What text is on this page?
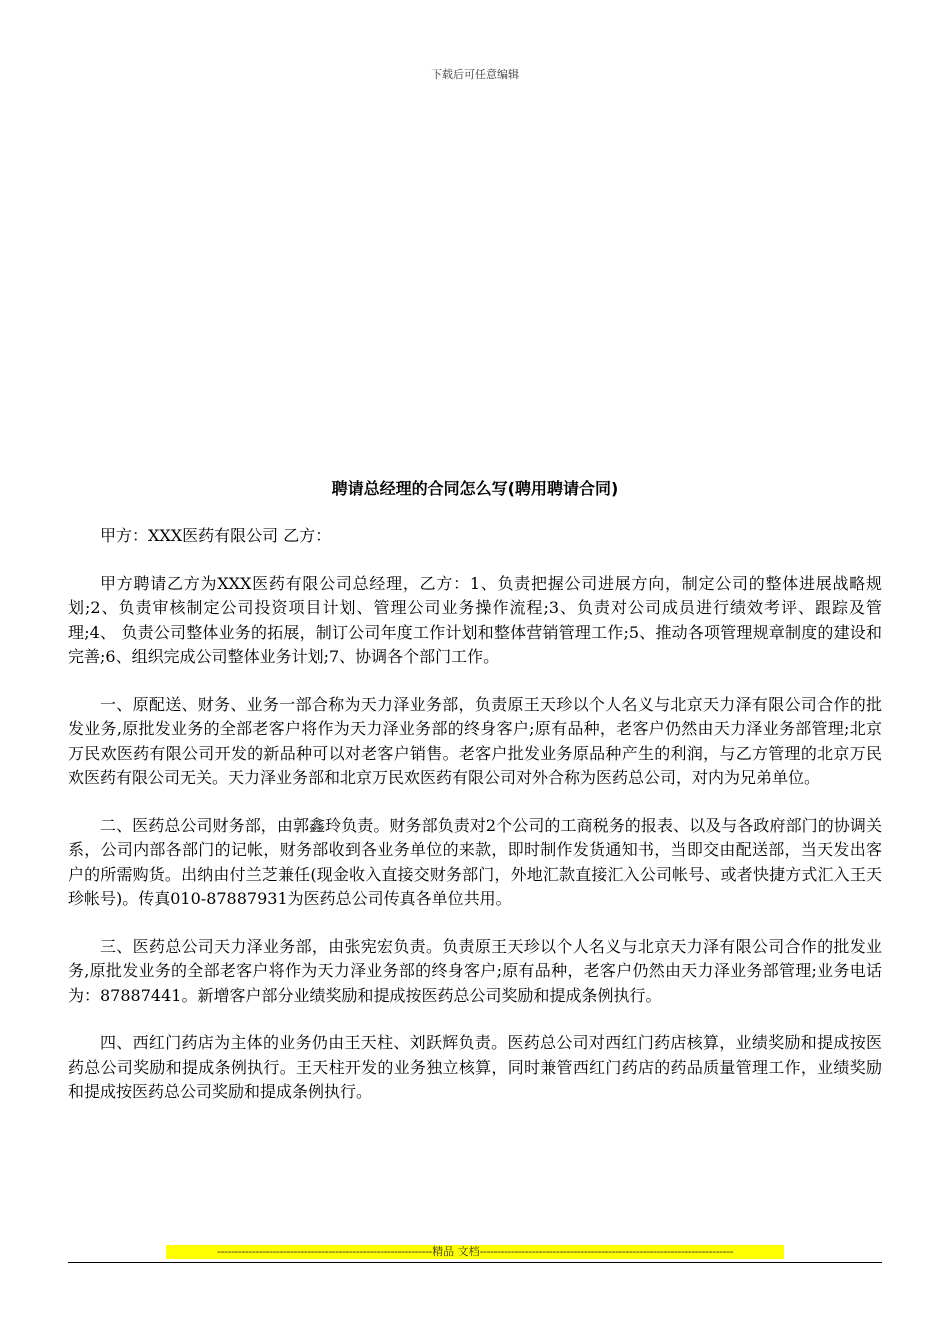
下载后可任意编辑
聘请总经理的合同怎么写(聘用聘请合同)

甲方：XXX医药有限公司 乙方：

甲方聘请乙方为XXX医药有限公司总经理，乙方：1、负责把握公司进展方向，制定公司的整体进展战略规划;2、负责审核制定公司投资项目计划、管理公司业务操作流程;3、负责对公司成员进行绩效考评、跟踪及管理;4、 负责公司整体业务的拓展，制订公司年度工作计划和整体营销管理工作;5、推动各项管理规章制度的建设和完善;6、组织完成公司整体业务计划;7、协调各个部门工作。

一、原配送、财务、业务一部合称为天力泽业务部，负责原王天珍以个人名义与北京天力泽有限公司合作的批发业务,原批发业务的全部老客户将作为天力泽业务部的终身客户;原有品种，老客户仍然由天力泽业务部管理;北京万民欢医药有限公司开发的新品种可以对老客户销售。老客户批发业务原品种产生的利润，与乙方管理的北京万民欢医药有限公司无关。天力泽业务部和北京万民欢医药有限公司对外合称为医药总公司，对内为兄弟单位。

二、医药总公司财务部，由郭鑫玲负责。财务部负责对2个公司的工商税务的报表、以及与各政府部门的协调关系，公司内部各部门的记帐，财务部收到各业务单位的来款，即时制作发货通知书，当即交由配送部，当天发出客户的所需购货。出纳由付兰芝兼任(现金收入直接交财务部门，外地汇款直接汇入公司帐号、或者快捷方式汇入王天珍帐号)。传真010-87887931为医药总公司传真各单位共用。

三、医药总公司天力泽业务部，由张宪宏负责。负责原王天珍以个人名义与北京天力泽有限公司合作的批发业务,原批发业务的全部老客户将作为天力泽业务部的终身客户;原有品种，老客户仍然由天力泽业务部管理;业务电话为：87887441。新增客户部分业绩奖励和提成按医药总公司奖励和提成条例执行。

四、西红门药店为主体的业务仍由王天柱、刘跃辉负责。医药总公司对西红门药店核算，业绩奖励和提成按医药总公司奖励和提成条例执行。王天柱开发的业务独立核算，同时兼管西红门药店的药品质量管理工作，业绩奖励和提成按医药总公司奖励和提成条例执行。

--------------------------------------------------------------精品 文档-------------------------------------------------------------------------
